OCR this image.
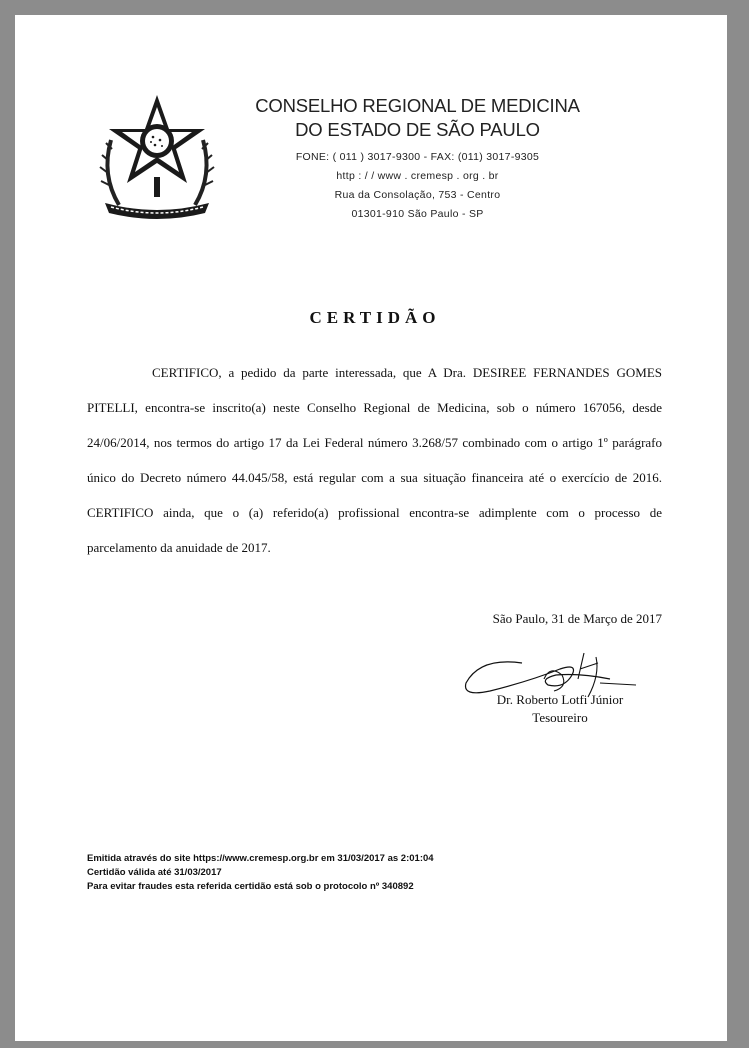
CONSELHO REGIONAL DE MEDICINA
DO ESTADO DE SÃO PAULO
FONE: ( 011 ) 3017-9300 - FAX: (011) 3017-9305
http : / / www . cremesp . org . br
Rua da Consolação, 753 - Centro
01301-910 São Paulo - SP
CERTIDÃO
CERTIFICO, a pedido da parte interessada, que A Dra. DESIREE FERNANDES GOMES
PITELLI, encontra-se inscrito(a) neste Conselho Regional de Medicina, sob o número 167056, desde
24/06/2014, nos termos do artigo 17 da Lei Federal número 3.268/57 combinado com o artigo 1º parágrafo
único do Decreto número 44.045/58, está regular com a sua situação financeira até o exercício de 2016.
CERTIFICO ainda, que o (a) referido(a) profissional encontra-se adimplente com o processo de
parcelamento da anuidade de 2017.
São Paulo, 31 de Março de 2017
Dr. Roberto Lotfi Júnior
Tesoureiro
Emitida através do site https://www.cremesp.org.br em 31/03/2017 as 2:01:04
Certidão válida até 31/03/2017
Para evitar fraudes esta referida certidão está sob o protocolo nº 340892
